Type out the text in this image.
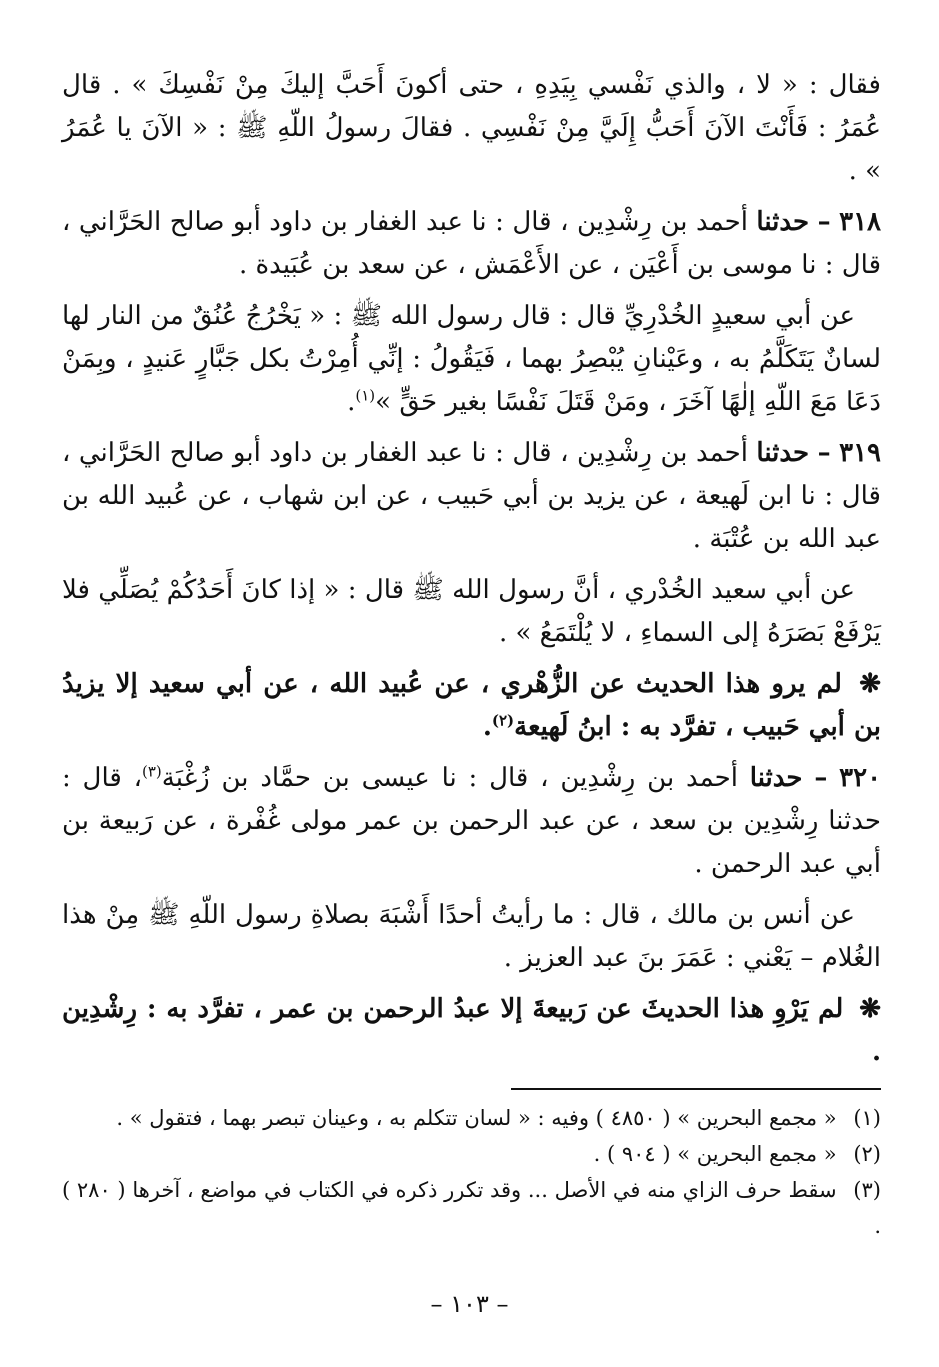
فقال : « لا ، والذي نَفْسي بِيَدِهِ ، حتى أكونَ أَحَبَّ إليكَ مِنْ نَفْسِكَ » . قال عُمَرُ : فَأَنْتَ الآنَ أَحَبُّ إِلَيَّ مِنْ نَفْسِي . فقالَ رسولُ اللّهِ ﷺ : « الآنَ يا عُمَرُ » .

٣١٨ – حدثنا أحمد بن رِشْدِين ، قال : نا عبد الغفار بن داود أبو صالح الحَرَّاني ، قال : نا موسى بن أَعْيَن ، عن الأَعْمَش ، عن سعد بن عُبَيدة .

عن أبي سعيدٍ الخُدْرِيِّ قال : قال رسول الله ﷺ : « يَخْرُجُ عُنُقٌ من النار لها لسانٌ يَتَكَلَّمُ به ، وعَيْنانِ يُبْصِرُ بهما ، فَيَقُولُ : إنِّي أُمِرْتُ بكل جَبَّارٍ عَنيدٍ ، وبِمَنْ دَعَا مَعَ اللّهِ إلٰهًا آخَرَ ، ومَنْ قَتَلَ نَفْسًا بغير حَقٍّ »$^{(١)}$.

٣١٩ – حدثنا أحمد بن رِشْدِين ، قال : نا عبد الغفار بن داود أبو صالح الحَرَّاني ، قال : نا ابن لَهيعة ، عن يزيد بن أبي حَبيب ، عن ابن شهاب ، عن عُبيد الله بن عبد الله بن عُتْبَة .

عن أبي سعيد الخُدْري ، أنَّ رسول الله ﷺ قال : « إذا كانَ أَحَدُكُمْ يُصَلِّي فلا يَرْفَعْ بَصَرَهُ إلى السماءِ ، لا يُلْتَمَعُ » .

❋ لم يرو هذا الحديث عن الزُّهْري ، عن عُبيد الله ، عن أبي سعيد إلا يزيدُ بن أبي حَبيب ، تفرَّد به : ابنُ لَهيعة$^{(٢)}$.

٣٢٠ – حدثنا أحمد بن رِشْدِين ، قال : نا عيسى بن حمَّاد بن زُغْبَة$^{(٣)}$، قال : حدثنا رِشْدِين بن سعد ، عن عبد الرحمن بن عمر مولى غُفْرة ، عن رَبيعة بن أبي عبد الرحمن .

عن أنس بن مالك ، قال : ما رأيتُ أحدًا أَشْبَهَ بصلاةِ رسول اللّهِ ﷺ مِنْ هذا الغُلام – يَعْني : عَمَرَ بنَ عبد العزيز .

❋ لم يَرْوِ هذا الحديثَ عن رَبيعةَ إلا عبدُ الرحمن بن عمر ، تفرَّد به : رِشْدِين .

(١) « مجمع البحرين » ( ٤٨٥٠ ) وفيه : « لسان تتكلم به ، وعينان تبصر بهما ، فتقول » .

(٢) « مجمع البحرين » ( ٩٠٤ ) .

(٣) سقط حرف الزاي منه في الأصل ... وقد تكرر ذكره في الكتاب في مواضع ، آخرها ( ٢٨٠ ) .

– ١٠٣ –
